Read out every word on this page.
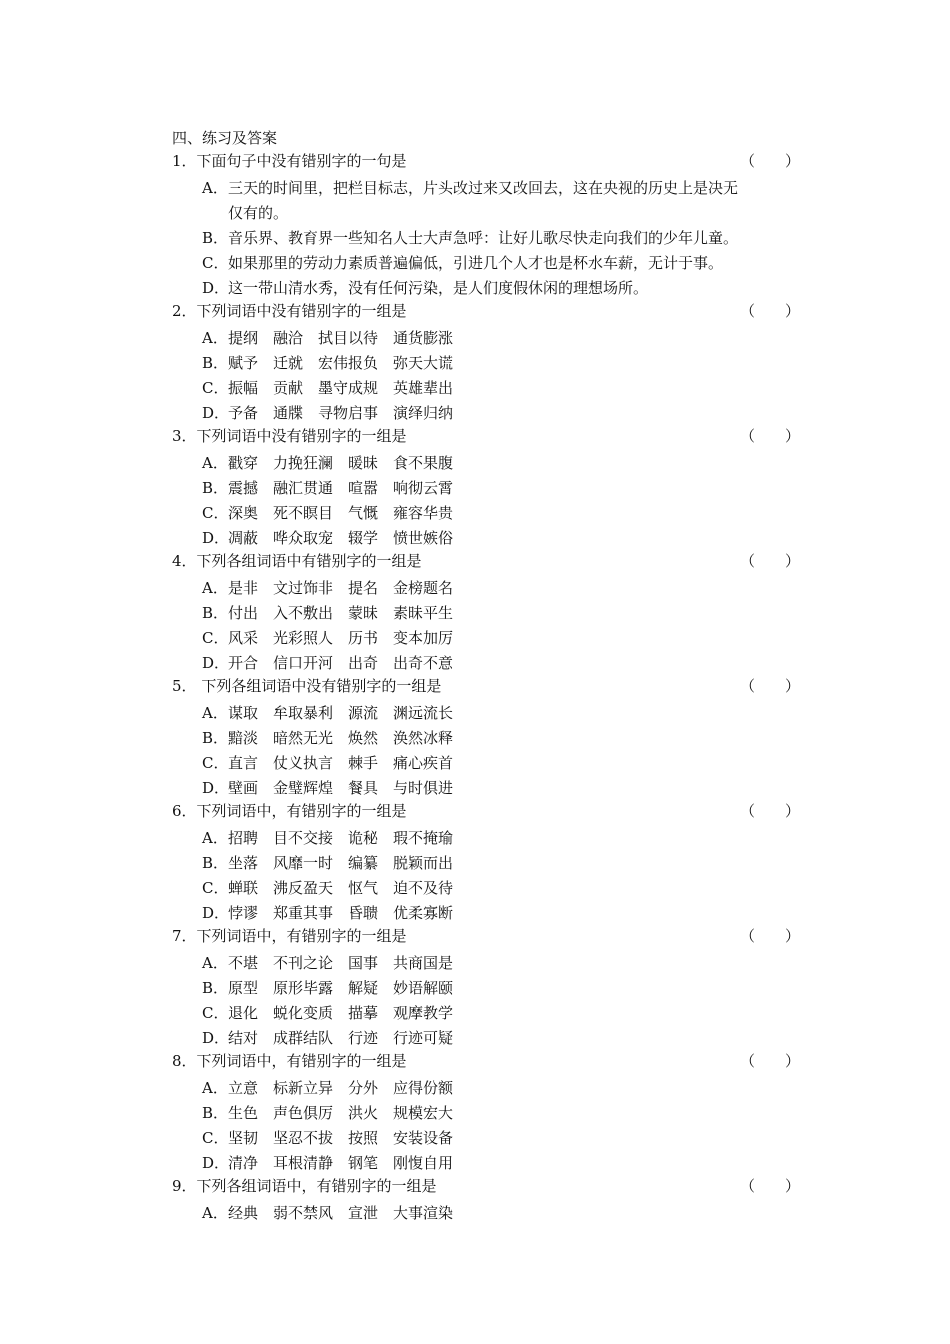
四、练习及答案
1．下面句子中没有错别字的一句是	（　　）
A．三天的时间里，把栏目标志，片头改过来又改回去，这在央视的历史上是决无
仅有的。
B．音乐界、教育界一些知名人士大声急呼：让好儿歌尽快走向我们的少年儿童。
C．如果那里的劳动力素质普遍偏低，引进几个人才也是杯水车薪，无计于事。
D．这一带山清水秀，没有任何污染，是人们度假休闲的理想场所。
2．下列词语中没有错别字的一组是	（　　）
A．提纲　融洽　拭目以待　通货膨涨
B．赋予　迁就　宏伟报负　弥天大谎
C．振幅　贡献　墨守成规　英雄辈出
D．予备　通牒　寻物启事　演绎归纳
3．下列词语中没有错别字的一组是	（　　）
A．戳穿　力挽狂澜　暖昧　食不果腹
B．震撼　融汇贯通　喧嚣　响彻云霄
C．深奥　死不瞑目　气慨　雍容华贵
D．凋蔽　哗众取宠　辍学　愤世嫉俗
4．下列各组词语中有错别字的一组是	（　　）
A．是非　文过饰非　提名　金榜题名
B．付出　入不敷出　蒙昧　素昧平生
C．风采　光彩照人　历书　变本加厉
D．开合　信口开河　出奇　出奇不意
5． 下列各组词语中没有错别字的一组是	（　　）
A．谋取　牟取暴利　源流　渊远流长
B．黯淡　暗然无光　焕然　涣然冰释
C．直言　仗义执言　棘手　痛心疾首
D．壁画　金璧辉煌　餐具　与时俱进
6．下列词语中，有错别字的一组是	（　　）
A．招聘　目不交接　诡秘　瑕不掩瑜
B．坐落　风靡一时　编纂　脱颖而出
C．蝉联　沸反盈天　怄气　迫不及待
D．悖谬　郑重其事　昏聩　优柔寡断
7．下列词语中，有错别字的一组是	（　　）
A．不堪　不刊之论　国事　共商国是
B．原型　原形毕露　解疑　妙语解颐
C．退化　蜕化变质　描摹　观摩教学
D．结对　成群结队　行迹　行迹可疑
8．下列词语中，有错别字的一组是	（　　）
A．立意　标新立异　分外　应得份额
B．生色　声色俱厉　洪火　规模宏大
C．坚韧　坚忍不拔　按照　安装设备
D．清净　耳根清静　钢笔　刚愎自用
9．下列各组词语中，有错别字的一组是	（　　）
A．经典　弱不禁风　宣泄　大事渲染
